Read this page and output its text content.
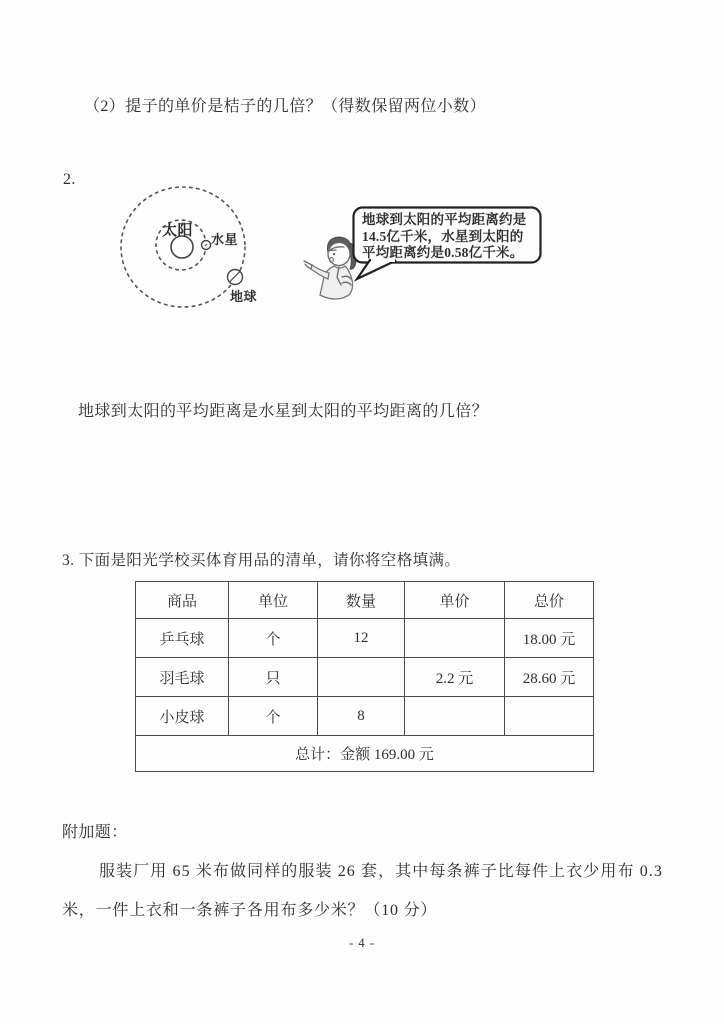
（2）提子的单价是桔子的几倍？（得数保留两位小数）
2.
太阳
水星
地球
地球到太阳的平均距离约是
14.5亿千米，水星到太阳的
平均距离约是0.58亿千米。
地球到太阳的平均距离是水星到太阳的平均距离的几倍？
3. 下面是阳光学校买体育用品的清单，请你将空格填满。
商品	单位	数量	单价	总价
乒乓球	个	12		18.00 元
羽毛球	只		2.2 元	28.60 元
小皮球	个	8		
总计：金额 169.00 元				
附加题：
服装厂用 65 米布做同样的服装 26 套，其中每条裤子比每件上衣少用布 0.3
米，一件上衣和一条裤子各用布多少米？（10 分）
- 4 -
